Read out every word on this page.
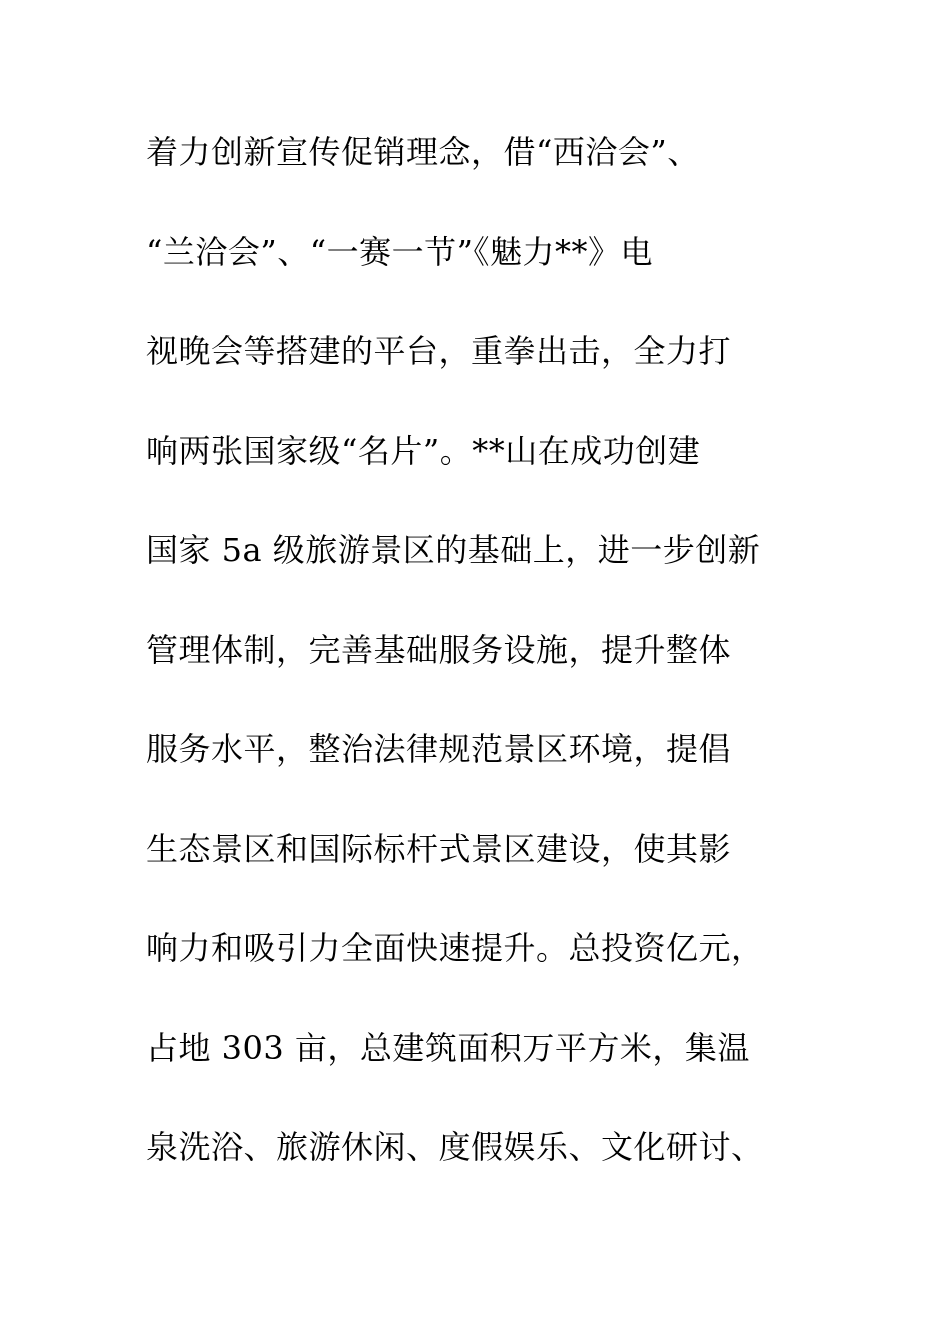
着力创新宣传促销理念，借“西洽会”、
“兰洽会”、“一赛一节”《魅力**》电
视晚会等搭建的平台，重拳出击，全力打
响两张国家级“名片”。**山在成功创建
国家 5a 级旅游景区的基础上，进一步创新
管理体制，完善基础服务设施，提升整体
服务水平，整治法律规范景区环境，提倡
生态景区和国际标杆式景区建设，使其影
响力和吸引力全面快速提升。总投资亿元，
占地 303 亩，总建筑面积万平方米，集温
泉洗浴、旅游休闲、度假娱乐、文化研讨、
